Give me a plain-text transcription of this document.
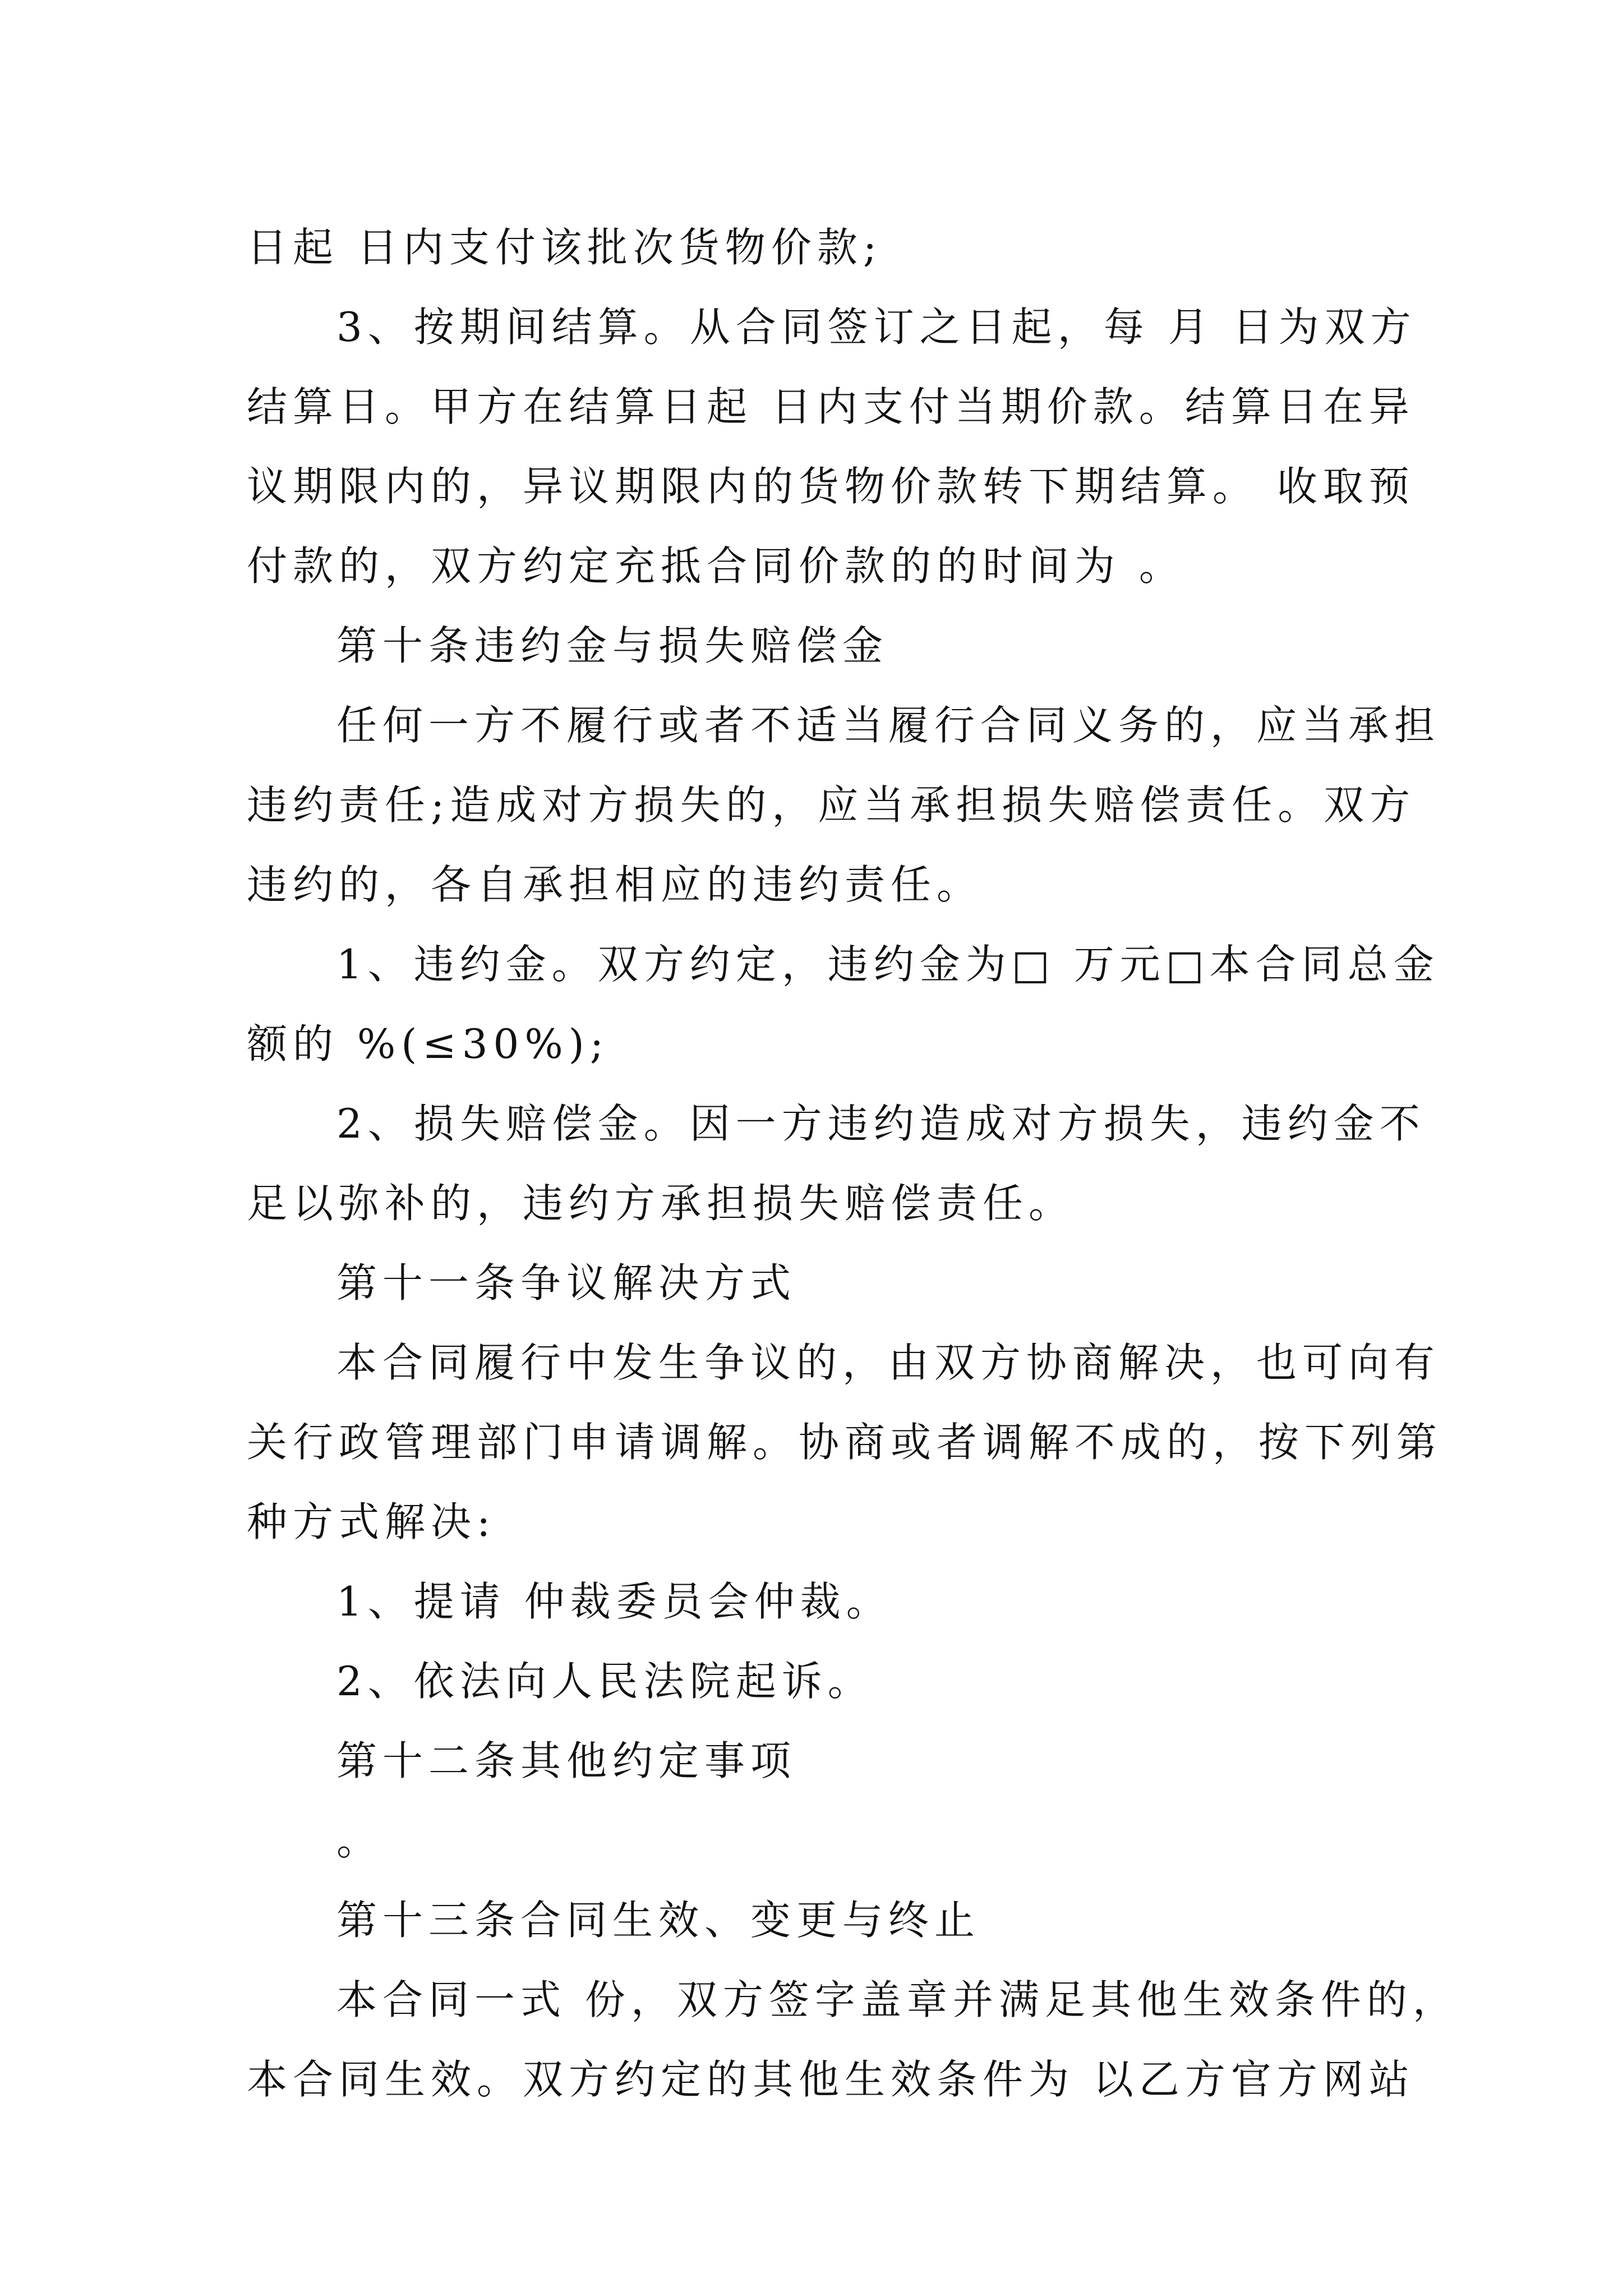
日起 日内支付该批次货物价款;
3、按期间结算。从合同签订之日起，每 月 日为双方
结算日。甲方在结算日起 日内支付当期价款。结算日在异
议期限内的，异议期限内的货物价款转下期结算。 收取预
付款的，双方约定充抵合同价款的的时间为 。
第十条违约金与损失赔偿金
任何一方不履行或者不适当履行合同义务的，应当承担
违约责任;造成对方损失的，应当承担损失赔偿责任。双方
违约的，各自承担相应的违约责任。
1、违约金。双方约定，违约金为□ 万元□本合同总金
额的 %(≤30%);
2、损失赔偿金。因一方违约造成对方损失，违约金不
足以弥补的，违约方承担损失赔偿责任。
第十一条争议解决方式
本合同履行中发生争议的，由双方协商解决，也可向有
关行政管理部门申请调解。协商或者调解不成的，按下列第
种方式解决:
1、提请 仲裁委员会仲裁。
2、依法向人民法院起诉。
第十二条其他约定事项
。
第十三条合同生效、变更与终止
本合同一式 份，双方签字盖章并满足其他生效条件的，
本合同生效。双方约定的其他生效条件为 以乙方官方网站
